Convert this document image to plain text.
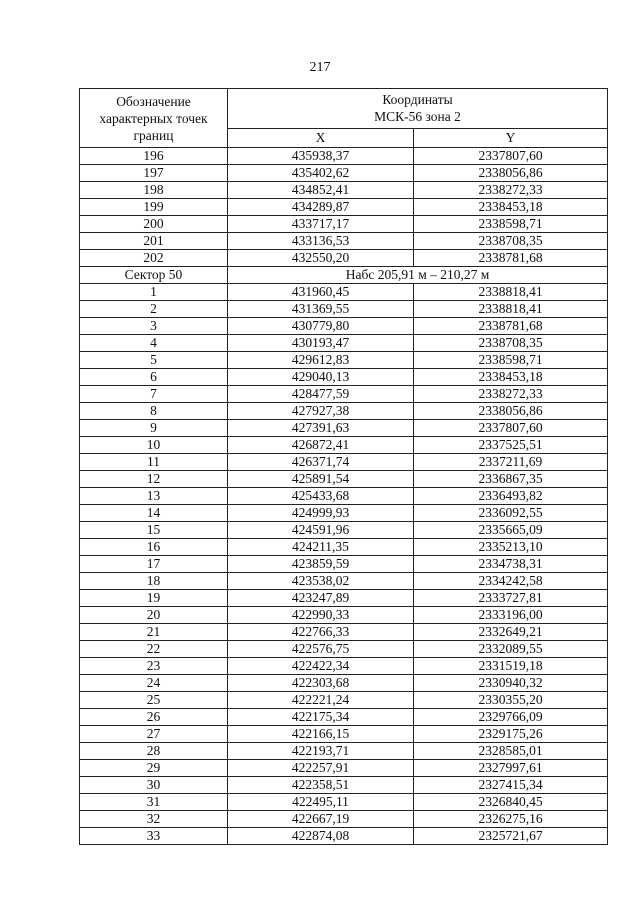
217
Обозначение характерных точек границ	Координаты
МСК-56 зона 2	

	X	Y
196	435938,37	2337807,60
197	435402,62	2338056,86
198	434852,41	2338272,33
199	434289,87	2338453,18
200	433717,17	2338598,71
201	433136,53	2338708,35
202	432550,20	2338781,68
Сектор 50	Набс 205,91 м – 210,27 м	
1	431960,45	2338818,41
2	431369,55	2338818,41
3	430779,80	2338781,68
4	430193,47	2338708,35
5	429612,83	2338598,71
6	429040,13	2338453,18
7	428477,59	2338272,33
8	427927,38	2338056,86
9	427391,63	2337807,60
10	426872,41	2337525,51
11	426371,74	2337211,69
12	425891,54	2336867,35
13	425433,68	2336493,82
14	424999,93	2336092,55
15	424591,96	2335665,09
16	424211,35	2335213,10
17	423859,59	2334738,31
18	423538,02	2334242,58
19	423247,89	2333727,81
20	422990,33	2333196,00
21	422766,33	2332649,21
22	422576,75	2332089,55
23	422422,34	2331519,18
24	422303,68	2330940,32
25	422221,24	2330355,20
26	422175,34	2329766,09
27	422166,15	2329175,26
28	422193,71	2328585,01
29	422257,91	2327997,61
30	422358,51	2327415,34
31	422495,11	2326840,45
32	422667,19	2326275,16
33	422874,08	2325721,67
